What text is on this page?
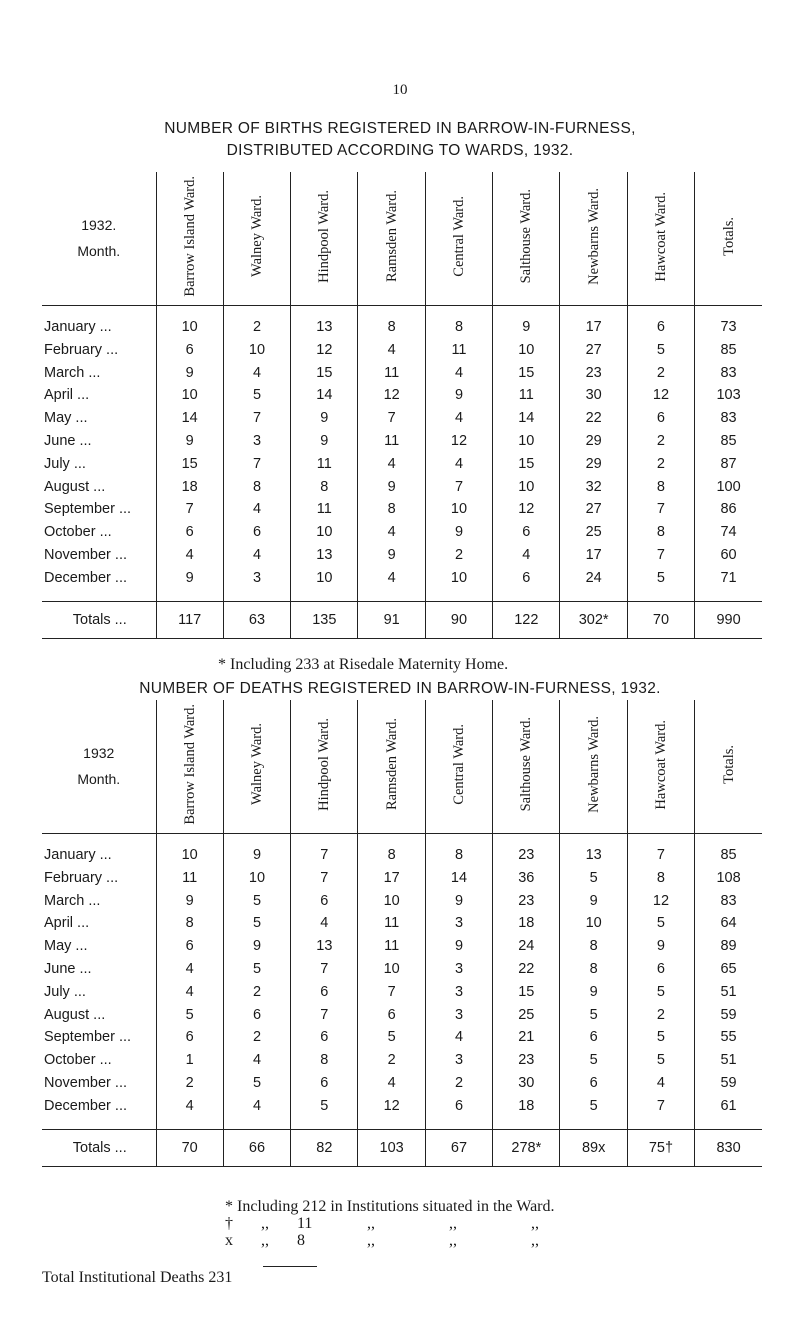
10
NUMBER OF BIRTHS REGISTERED IN BARROW-IN-FURNESS,
DISTRIBUTED ACCORDING TO WARDS, 1932.
1932.
Month.	Barrow Island Ward.	Walney Ward.	Hindpool Ward.	Ramsden Ward.	Central Ward.	Salthouse Ward.	Newbarns Ward.	Hawcoat Ward.	Totals.
January ...	10	2	13	8	8	9	17	6	73
February ...	6	10	12	4	11	10	27	5	85
March ...	9	4	15	11	4	15	23	2	83
April ...	10	5	14	12	9	11	30	12	103
May ...	14	7	9	7	4	14	22	6	83
June ...	9	3	9	11	12	10	29	2	85
July ...	15	7	11	4	4	15	29	2	87
August ...	18	8	8	9	7	10	32	8	100
September ...	7	4	11	8	10	12	27	7	86
October ...	6	6	10	4	9	6	25	8	74
November ...	4	4	13	9	2	4	17	7	60
December ...	9	3	10	4	10	6	24	5	71
Totals ...	117	63	135	91	90	122	302*	70	990
* Including 233 at Risedale Maternity Home.
NUMBER OF DEATHS REGISTERED IN BARROW-IN-FURNESS, 1932.
1932
Month.	Barrow Island Ward.	Walney Ward.	Hindpool Ward.	Ramsden Ward.	Central Ward.	Salthouse Ward.	Newbarns Ward.	Hawcoat Ward.	Totals.
January ...	10	9	7	8	8	23	13	7	85
February ...	11	10	7	17	14	36	5	8	108
March ...	9	5	6	10	9	23	9	12	83
April ...	8	5	4	11	3	18	10	5	64
May ...	6	9	13	11	9	24	8	9	89
June ...	4	5	7	10	3	22	8	6	65
July ...	4	2	6	7	3	15	9	5	51
August ...	5	6	7	6	3	25	5	2	59
September ...	6	2	6	5	4	21	6	5	55
October ...	1	4	8	2	3	23	5	5	51
November ...	2	5	6	4	2	30	6	4	59
December ...	4	4	5	12	6	18	5	7	61
Totals ...	70	66	82	103	67	278*	89x	75†	830
* Including 212 in Institutions situated in the Ward.
† ,, 11	,,	,,	,,
x ,, 8	,,	,,	,,
Total Institutional Deaths 231
